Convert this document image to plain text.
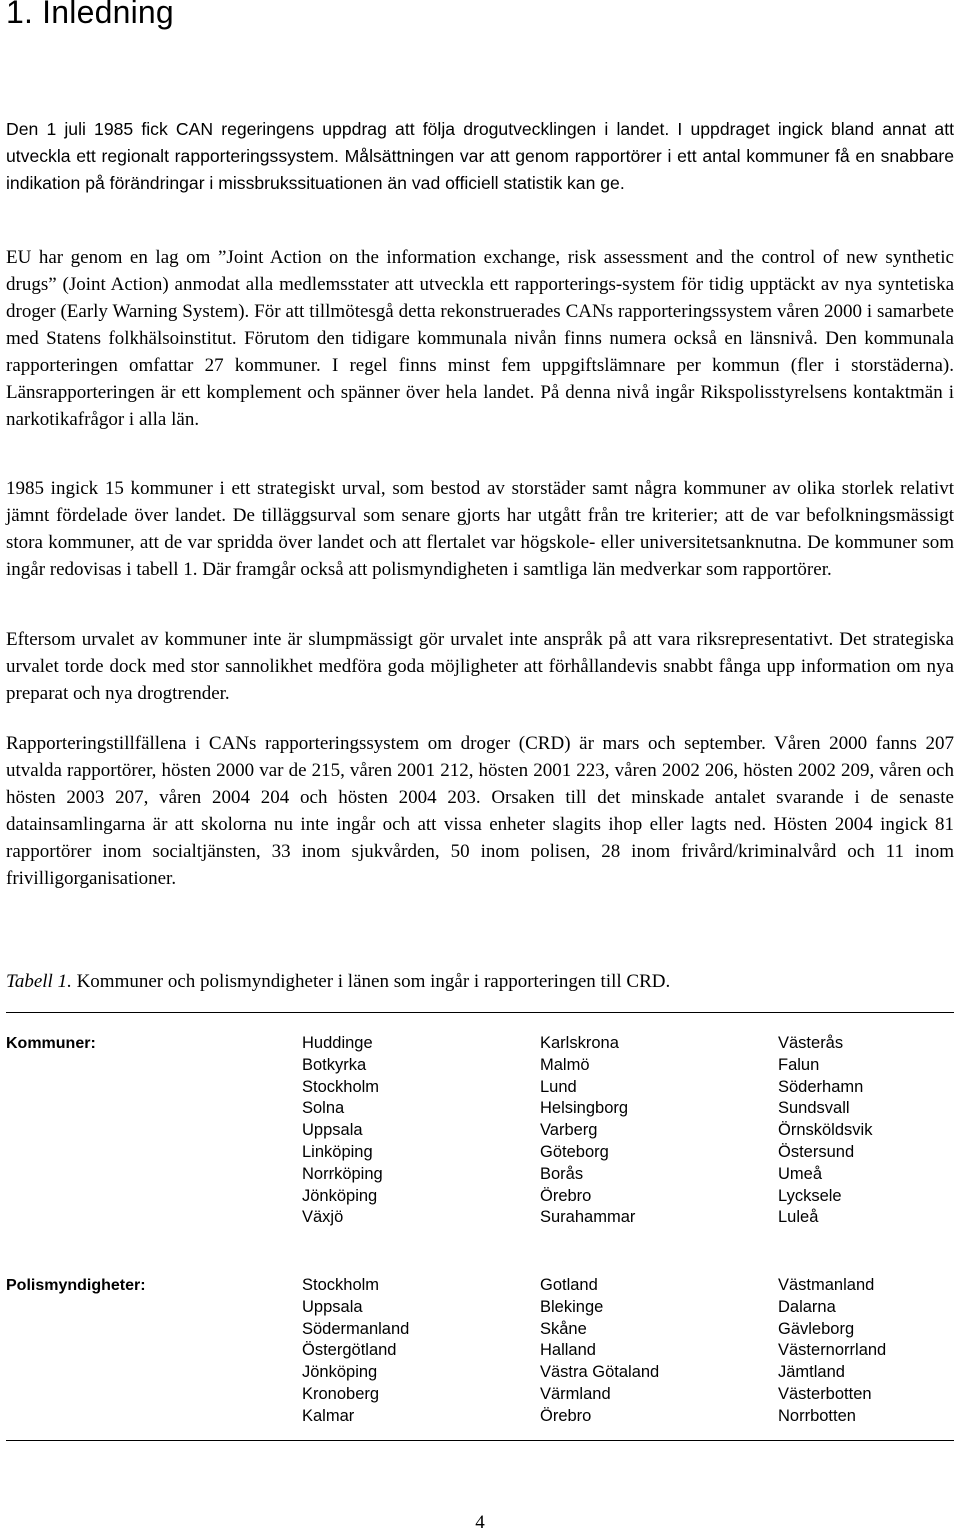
1. Inledning

Den 1 juli 1985 fick CAN regeringens uppdrag att följa drogutvecklingen i landet. I uppdraget ingick bland annat att utveckla ett regionalt rapporteringssystem. Målsättningen var att genom rapportörer i ett antal kommuner få en snabbare indikation på förändringar i missbrukssituationen än vad officiell statistik kan ge.

EU har genom en lag om ”Joint Action on the information exchange, risk assessment and the control of new synthetic drugs” (Joint Action) anmodat alla medlemsstater att utveckla ett rapporterings-system för tidig upptäckt av nya syntetiska droger (Early Warning System). För att tillmötesgå detta rekonstruerades CANs rapporteringssystem våren 2000 i samarbete med Statens folkhälsoinstitut. Förutom den tidigare kommunala nivån finns numera också en länsnivå. Den kommunala rapporteringen omfattar 27 kommuner. I regel finns minst fem uppgiftslämnare per kommun (fler i storstäderna). Länsrapporteringen är ett komplement och spänner över hela landet. På denna nivå ingår Rikspolisstyrelsens kontaktmän i narkotikafrågor i alla län.

1985 ingick 15 kommuner i ett strategiskt urval, som bestod av storstäder samt några kommuner av olika storlek relativt jämnt fördelade över landet. De tilläggsurval som senare gjorts har utgått från tre kriterier; att de var befolkningsmässigt stora kommuner, att de var spridda över landet och att flertalet var högskole- eller universitetsanknutna. De kommuner som ingår redovisas i tabell 1. Där framgår också att polismyndigheten i samtliga län medverkar som rapportörer.

Eftersom urvalet av kommuner inte är slumpmässigt gör urvalet inte anspråk på att vara riksrepresentativt. Det strategiska urvalet torde dock med stor sannolikhet medföra goda möjligheter att förhållandevis snabbt fånga upp information om nya preparat och nya drogtrender.

Rapporteringstillfällena i CANs rapporteringssystem om droger (CRD) är mars och september. Våren 2000 fanns 207 utvalda rapportörer, hösten 2000 var de 215, våren 2001 212, hösten 2001 223, våren 2002 206, hösten 2002 209, våren och hösten 2003 207, våren 2004 204 och hösten 2004 203. Orsaken till det minskade antalet svarande i de senaste datainsamlingarna är att skolorna nu inte ingår och att vissa enheter slagits ihop eller lagts ned. Hösten 2004 ingick 81 rapportörer inom socialtjänsten, 33 inom sjukvården, 50 inom polisen, 28 inom frivård/kriminalvård och 11 inom frivilligorganisationer.

Tabell 1. Kommuner och polismyndigheter i länen som ingår i rapporteringen till CRD.

Kommuner:	Huddinge
Botkyrka
Stockholm
Solna
Uppsala
Linköping
Norrköping
Jönköping
Växjö
Karlskrona
Malmö
Lund
Helsingborg
Varberg
Göteborg
Borås
Örebro
Surahammar
Västerås
Falun
Söderhamn
Sundsvall
Örnsköldsvik
Östersund
Umeå
Lycksele
Luleå
Polismyndigheter:	Stockholm
Uppsala
Södermanland
Östergötland
Jönköping
Kronoberg
Kalmar
Gotland
Blekinge
Skåne
Halland
Västra Götaland
Värmland
Örebro
Västmanland
Dalarna
Gävleborg
Västernorrland
Jämtland
Västerbotten
Norrbotten

4
